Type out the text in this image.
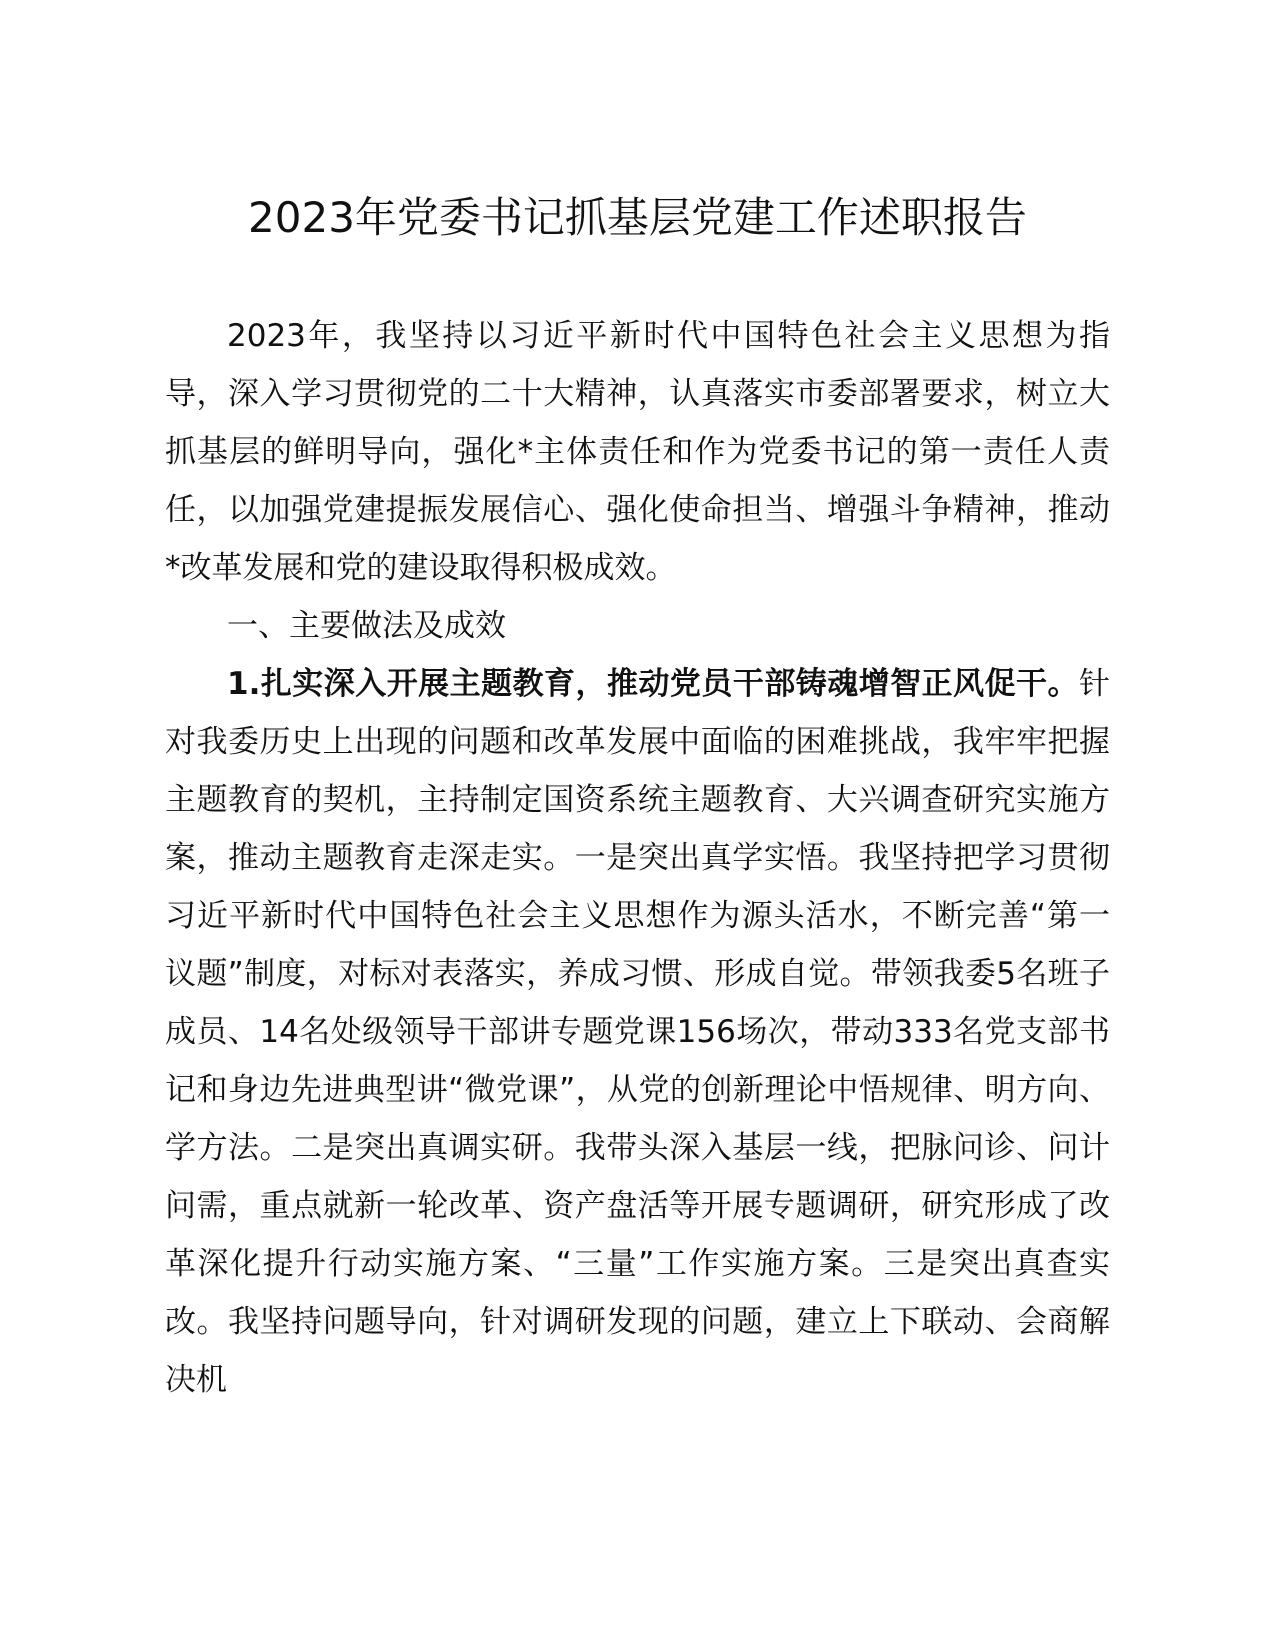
2023年党委书记抓基层党建工作述职报告

2023年，我坚持以习近平新时代中国特色社会主义思想为指导，深入学习贯彻党的二十大精神，认真落实市委部署要求，树立大抓基层的鲜明导向，强化*主体责任和作为党委书记的第一责任人责任，以加强党建提振发展信心、强化使命担当、增强斗争精神，推动*改革发展和党的建设取得积极成效。

一、主要做法及成效

1.扎实深入开展主题教育，推动党员干部铸魂增智正风促干。针对我委历史上出现的问题和改革发展中面临的困难挑战，我牢牢把握主题教育的契机，主持制定国资系统主题教育、大兴调查研究实施方案，推动主题教育走深走实。一是突出真学实悟。我坚持把学习贯彻习近平新时代中国特色社会主义思想作为源头活水，不断完善“第一议题”制度，对标对表落实，养成习惯、形成自觉。带领我委5名班子成员、14名处级领导干部讲专题党课156场次，带动333名党支部书记和身边先进典型讲“微党课”，从党的创新理论中悟规律、明方向、学方法。二是突出真调实研。我带头深入基层一线，把脉问诊、问计问需，重点就新一轮改革、资产盘活等开展专题调研，研究形成了改革深化提升行动实施方案、“三量”工作实施方案。三是突出真查实改。我坚持问题导向，针对调研发现的问题，建立上下联动、会商解决机
